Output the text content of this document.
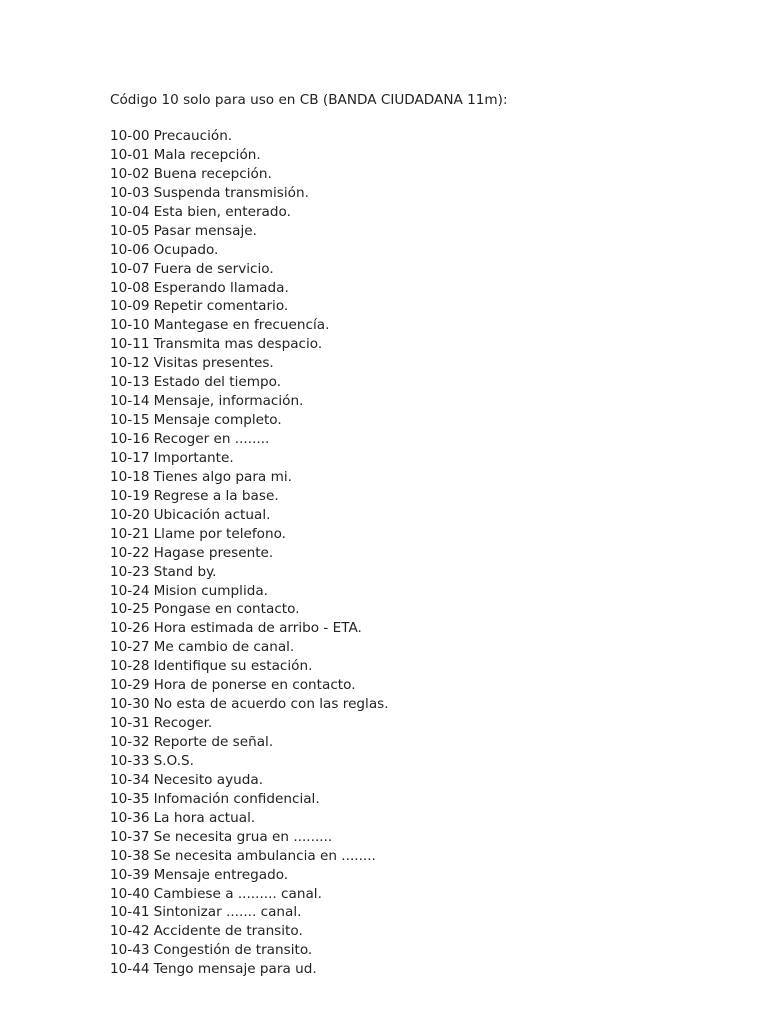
Código 10 solo para uso en CB (BANDA CIUDADANA 11m):

10-00 Precaución.
10-01 Mala recepción.
10-02 Buena recepción.
10-03 Suspenda transmisión.
10-04 Esta bien, enterado.
10-05 Pasar mensaje.
10-06 Ocupado.
10-07 Fuera de servicio.
10-08 Esperando llamada.
10-09 Repetir comentario.
10-10 Mantegase en frecuencía.
10-11 Transmita mas despacio.
10-12 Visitas presentes.
10-13 Estado del tiempo.
10-14 Mensaje, información.
10-15 Mensaje completo.
10-16 Recoger en ........
10-17 Importante.
10-18 Tienes algo para mi.
10-19 Regrese a la base.
10-20 Ubicación actual.
10-21 Llame por telefono.
10-22 Hagase presente.
10-23 Stand by.
10-24 Mision cumplida.
10-25 Pongase en contacto.
10-26 Hora estimada de arribo - ETA.
10-27 Me cambio de canal.
10-28 Identifique su estación.
10-29 Hora de ponerse en contacto.
10-30 No esta de acuerdo con las reglas.
10-31 Recoger.
10-32 Reporte de señal.
10-33 S.O.S.
10-34 Necesito ayuda.
10-35 Infomación confidencial.
10-36 La hora actual.
10-37 Se necesita grua en .........
10-38 Se necesita ambulancia en ........
10-39 Mensaje entregado.
10-40 Cambiese a ......... canal.
10-41 Sintonizar ....... canal.
10-42 Accidente de transito.
10-43 Congestión de transito.
10-44 Tengo mensaje para ud.
